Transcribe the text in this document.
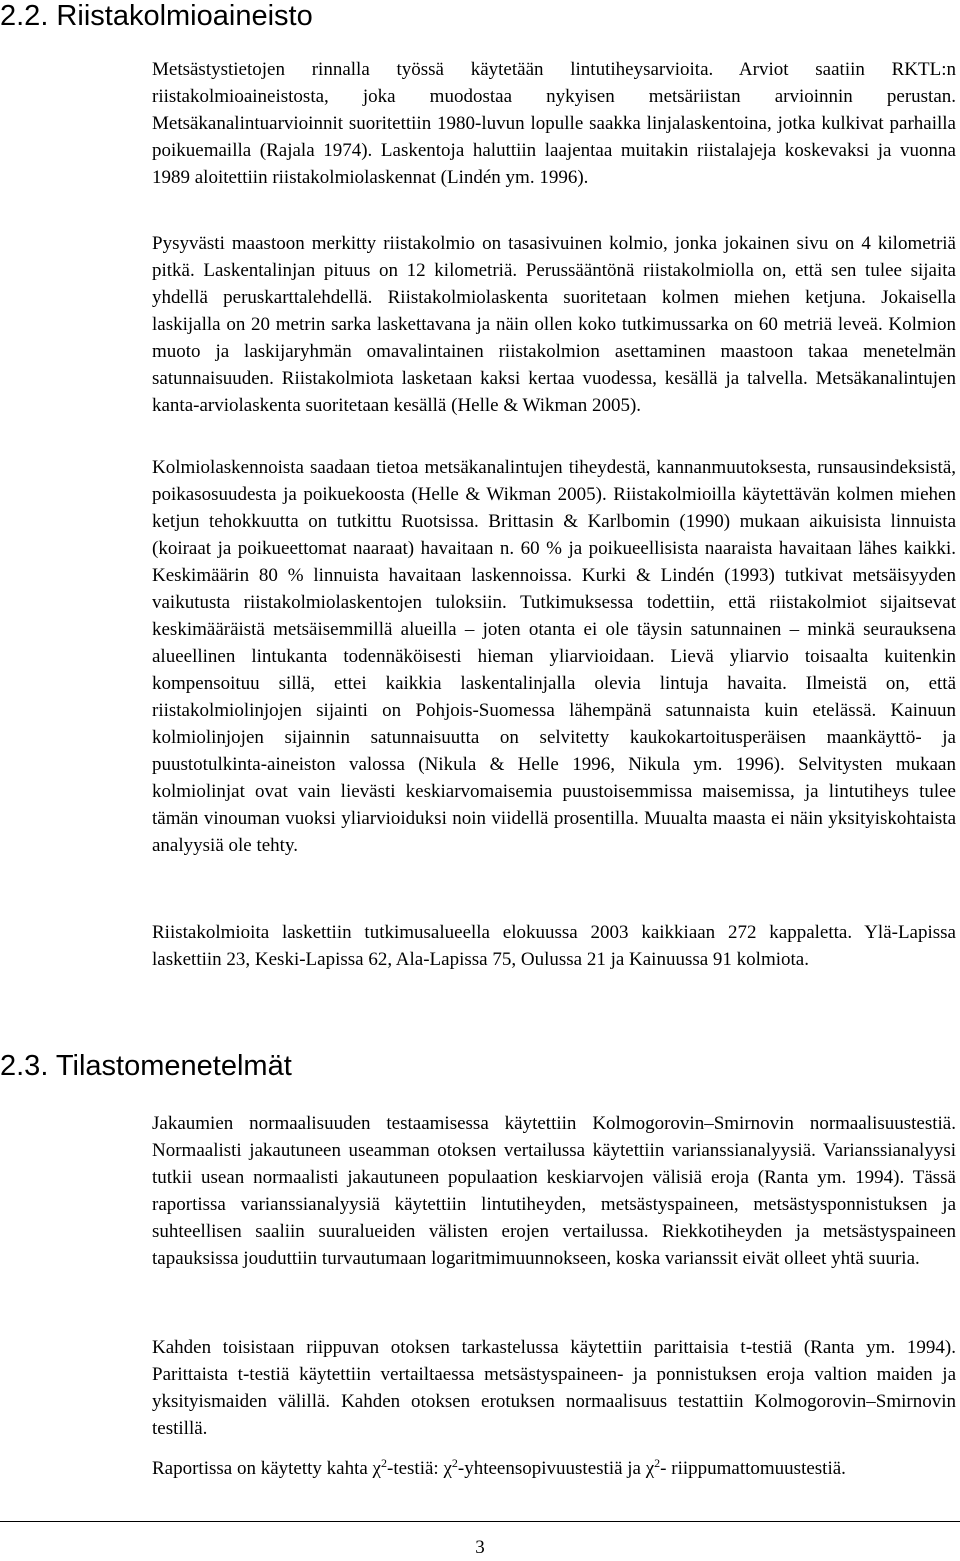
2.2. Riistakolmioaineisto

Metsästystietojen rinnalla työssä käytetään lintutiheysarvioita. Arviot saatiin RKTL:n riistakolmioaineistosta, joka muodostaa nykyisen metsäriistan arvioinnin perustan. Metsäkanalintuarvioinnit suoritettiin 1980-luvun lopulle saakka linjalaskentoina, jotka kulkivat parhailla poikuemailla (Rajala 1974). Laskentoja haluttiin laajentaa muitakin riistalajeja koskevaksi ja vuonna 1989 aloitettiin riistakolmiolaskennat (Lindén ym. 1996).

Pysyvästi maastoon merkitty riistakolmio on tasasivuinen kolmio, jonka jokainen sivu on 4 kilometriä pitkä. Laskentalinjan pituus on 12 kilometriä. Perussääntönä riistakolmiolla on, että sen tulee sijaita yhdellä peruskarttalehdellä. Riistakolmiolaskenta suoritetaan kolmen miehen ketjuna. Jokaisella laskijalla on 20 metrin sarka laskettavana ja näin ollen koko tutkimussarka on 60 metriä leveä. Kolmion muoto ja laskijaryhmän omavalintainen riistakolmion asettaminen maastoon takaa menetelmän satunnaisuuden. Riistakolmiota lasketaan kaksi kertaa vuodessa, kesällä ja talvella. Metsäkanalintujen kanta-arviolaskenta suoritetaan kesällä (Helle & Wikman 2005).

Kolmiolaskennoista saadaan tietoa metsäkanalintujen tiheydestä, kannanmuutoksesta, runsausindeksistä, poikasosuudesta ja poikuekoosta (Helle & Wikman 2005). Riistakolmioilla käytettävän kolmen miehen ketjun tehokkuutta on tutkittu Ruotsissa. Brittasin & Karlbomin (1990) mukaan aikuisista linnuista (koiraat ja poikueettomat naaraat) havaitaan n. 60 % ja poikueellisista naaraista havaitaan lähes kaikki. Keskimäärin 80 % linnuista havaitaan laskennoissa. Kurki & Lindén (1993) tutkivat metsäisyyden vaikutusta riistakolmiolaskentojen tuloksiin. Tutkimuksessa todettiin, että riistakolmiot sijaitsevat keskimääräistä metsäisemmillä alueilla – joten otanta ei ole täysin satunnainen – minkä seurauksena alueellinen lintukanta todennäköisesti hieman yliarvioidaan. Lievä yliarvio toisaalta kuitenkin kompensoituu sillä, ettei kaikkia laskentalinjalla olevia lintuja havaita. Ilmeistä on, että riistakolmiolinjojen sijainti on Pohjois-Suomessa lähempänä satunnaista kuin etelässä. Kainuun kolmiolinjojen sijainnin satunnaisuutta on selvitetty kaukokartoitusperäisen maankäyttö- ja puustotulkinta-aineiston valossa (Nikula & Helle 1996, Nikula ym. 1996). Selvitysten mukaan kolmiolinjat ovat vain lievästi keskiarvomaisemia puustoisemmissa maisemissa, ja lintutiheys tulee tämän vinouman vuoksi yliarvioiduksi noin viidellä prosentilla. Muualta maasta ei näin yksityiskohtaista analyysiä ole tehty.

Riistakolmioita laskettiin tutkimusalueella elokuussa 2003 kaikkiaan 272 kappaletta. Ylä-Lapissa laskettiin 23, Keski-Lapissa 62, Ala-Lapissa 75, Oulussa 21 ja Kainuussa 91 kolmiota.

2.3. Tilastomenetelmät

Jakaumien normaalisuuden testaamisessa käytettiin Kolmogorovin–Smirnovin normaalisuustestiä. Normaalisti jakautuneen useamman otoksen vertailussa käytettiin varianssianalyysiä. Varianssianalyysi tutkii usean normaalisti jakautuneen populaation keskiarvojen välisiä eroja (Ranta ym. 1994). Tässä raportissa varianssianalyysiä käytettiin lintutiheyden, metsästyspaineen, metsästysponnistuksen ja suhteellisen saaliin suuralueiden välisten erojen vertailussa. Riekkotiheyden ja metsästyspaineen tapauksissa jouduttiin turvautumaan logaritmimuunnokseen, koska varianssit eivät olleet yhtä suuria.

Kahden toisistaan riippuvan otoksen tarkastelussa käytettiin parittaisia t-testiä (Ranta ym. 1994). Parittaista t-testiä käytettiin vertailtaessa metsästyspaineen- ja ponnistuksen eroja valtion maiden ja yksityismaiden välillä. Kahden otoksen erotuksen normaalisuus testattiin Kolmogorovin–Smirnovin testillä.

Raportissa on käytetty kahta $\chi^2$-testiä: $\chi^2$-yhteensopivuustestiä ja $\chi^2-$ riippumattomuustestiä.

3
